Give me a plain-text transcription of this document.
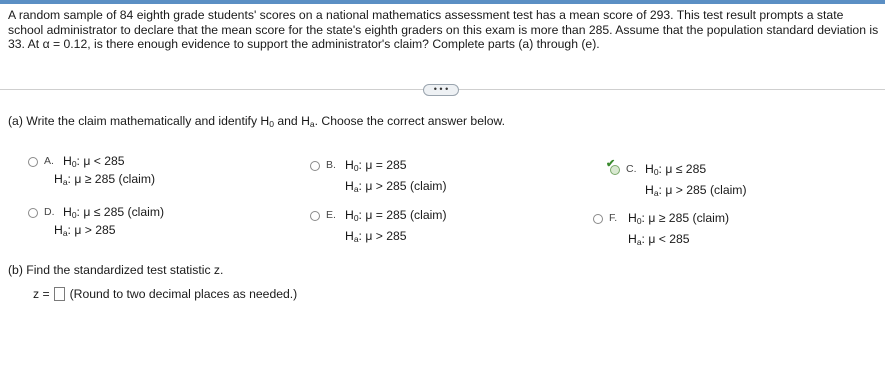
A random sample of 84 eighth grade students' scores on a national mathematics assessment test has a mean score of 293. This test result prompts a state school administrator to declare that the mean score for the state's eighth graders on this exam is more than 285. Assume that the population standard deviation is 33. At α = 0.12, is there enough evidence to support the administrator's claim? Complete parts (a) through (e).
• • •
(a) Write the claim mathematically and identify $H_0$ and $H_a$. Choose the correct answer below.
A. $H_0$: μ < 285
$H_a$: μ ≥ 285 (claim)
B. $H_0$: μ = 285
$H_a$: μ > 285 (claim)
✔ C. $H_0$: μ ≤ 285
$H_a$: μ > 285 (claim)
D. $H_0$: μ ≤ 285 (claim)
$H_a$: μ > 285
E. $H_0$: μ = 285 (claim)
$H_a$: μ > 285
F. $H_0$: μ ≥ 285 (claim)
$H_a$: μ < 285
(b) Find the standardized test statistic z.
z = (Round to two decimal places as needed.)
